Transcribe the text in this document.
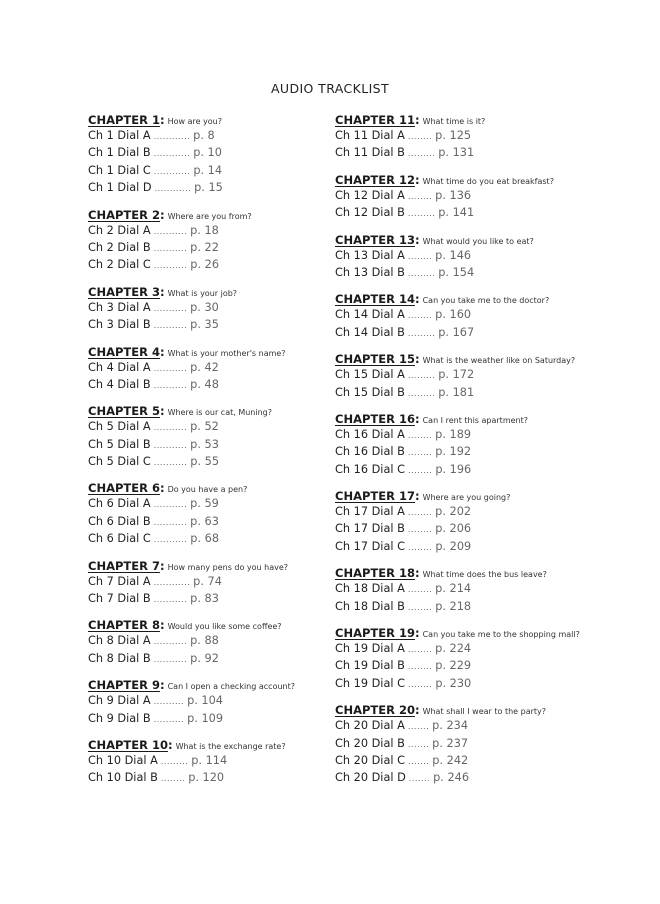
AUDIO TRACKLIST
CHAPTER 1: How are you?
Ch 1 Dial A ............ p. 8
Ch 1 Dial B ............ p. 10
Ch 1 Dial C ............ p. 14
Ch 1 Dial D ............ p. 15
CHAPTER 2: Where are you from?
Ch 2 Dial A ........... p. 18
Ch 2 Dial B ........... p. 22
Ch 2 Dial C ........... p. 26
CHAPTER 3: What is your job?
Ch 3 Dial A ........... p. 30
Ch 3 Dial B ........... p. 35
CHAPTER 4: What is your mother's name?
Ch 4 Dial A ........... p. 42
Ch 4 Dial B ........... p. 48
CHAPTER 5: Where is our cat, Muning?
Ch 5 Dial A ........... p. 52
Ch 5 Dial B ........... p. 53
Ch 5 Dial C ........... p. 55
CHAPTER 6: Do you have a pen?
Ch 6 Dial A ........... p. 59
Ch 6 Dial B ........... p. 63
Ch 6 Dial C ........... p. 68
CHAPTER 7: How many pens do you have?
Ch 7 Dial A ............ p. 74
Ch 7 Dial B ........... p. 83
CHAPTER 8: Would you like some coffee?
Ch 8 Dial A ........... p. 88
Ch 8 Dial B ........... p. 92
CHAPTER 9: Can I open a checking account?
Ch 9 Dial A .......... p. 104
Ch 9 Dial B .......... p. 109
CHAPTER 10: What is the exchange rate?
Ch 10 Dial A ......... p. 114
Ch 10 Dial B ........ p. 120
CHAPTER 11: What time is it?
Ch 11 Dial A ........ p. 125
Ch 11 Dial B ......... p. 131
CHAPTER 12: What time do you eat breakfast?
Ch 12 Dial A ........ p. 136
Ch 12 Dial B ......... p. 141
CHAPTER 13: What would you like to eat?
Ch 13 Dial A ........ p. 146
Ch 13 Dial B ......... p. 154
CHAPTER 14: Can you take me to the doctor?
Ch 14 Dial A ........ p. 160
Ch 14 Dial B ......... p. 167
CHAPTER 15: What is the weather like on Saturday?
Ch 15 Dial A ......... p. 172
Ch 15 Dial B ......... p. 181
CHAPTER 16: Can I rent this apartment?
Ch 16 Dial A ........ p. 189
Ch 16 Dial B ........ p. 192
Ch 16 Dial C ........ p. 196
CHAPTER 17: Where are you going?
Ch 17 Dial A ........ p. 202
Ch 17 Dial B ........ p. 206
Ch 17 Dial C ........ p. 209
CHAPTER 18: What time does the bus leave?
Ch 18 Dial A ........ p. 214
Ch 18 Dial B ........ p. 218
CHAPTER 19: Can you take me to the shopping mall?
Ch 19 Dial A ........ p. 224
Ch 19 Dial B ........ p. 229
Ch 19 Dial C ........ p. 230
CHAPTER 20: What shall I wear to the party?
Ch 20 Dial A ....... p. 234
Ch 20 Dial B ....... p. 237
Ch 20 Dial C ....... p. 242
Ch 20 Dial D ....... p. 246
